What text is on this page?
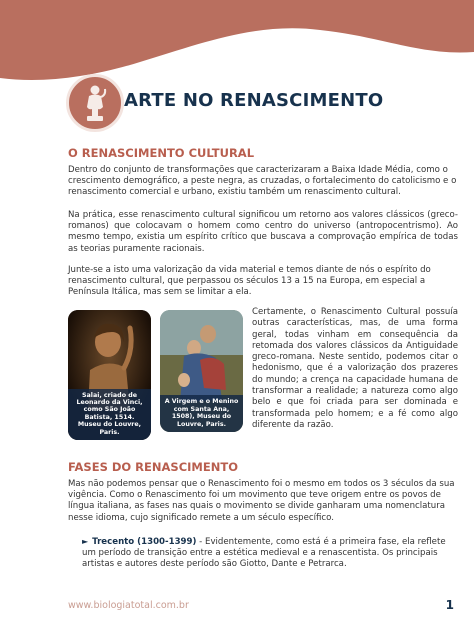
ARTE NO RENASCIMENTO
O RENASCIMENTO CULTURAL
Dentro do conjunto de transformações que caracterizaram a Baixa Idade Média, como o crescimento demográfico, a peste negra, as cruzadas, o fortalecimento do catolicismo e o renascimento comercial e urbano, existiu também um renascimento cultural.
Na prática, esse renascimento cultural significou um retorno aos valores clássicos (greco-romanos) que colocavam o homem como centro do universo (antropocentrismo). Ao mesmo tempo, existia um espírito crítico que buscava a comprovação empírica de todas as teorias puramente racionais.
Junte-se a isto uma valorização da vida material e temos diante de nós o espírito do renascimento cultural, que perpassou os séculos 13 a 15 na Europa, em especial a Península Itálica, mas sem se limitar a ela.
Salai, criado de Leonardo da Vinci, como São João Batista, 1514. Museu do Louvre, Paris.
A Virgem e o Menino com Santa Ana, 1508), Museu do Louvre, Paris.
Certamente, o Renascimento Cultural possuía outras características, mas, de uma forma geral, todas vinham em consequência da retomada dos valores clássicos da Antiguidade greco-romana. Neste sentido, podemos citar o hedonismo, que é a valorização dos prazeres do mundo; a crença na capacidade humana de transformar a realidade; a natureza como algo belo e que foi criada para ser dominada e transformada pelo homem; e a fé como algo diferente da razão.
FASES DO RENASCIMENTO
Mas não podemos pensar que o Renascimento foi o mesmo em todos os 3 séculos da sua vigência. Como o Renascimento foi um movimento que teve origem entre os povos de língua italiana, as fases nas quais o movimento se divide ganharam uma nomenclatura nesse idioma, cujo significado remete a um século específico.
► Trecento (1300-1399) - Evidentemente, como está é a primeira fase, ela reflete um período de transição entre a estética medieval e a renascentista. Os principais artistas e autores deste período são Giotto, Dante e Petrarca.
www.biologiatotal.com.br	1
